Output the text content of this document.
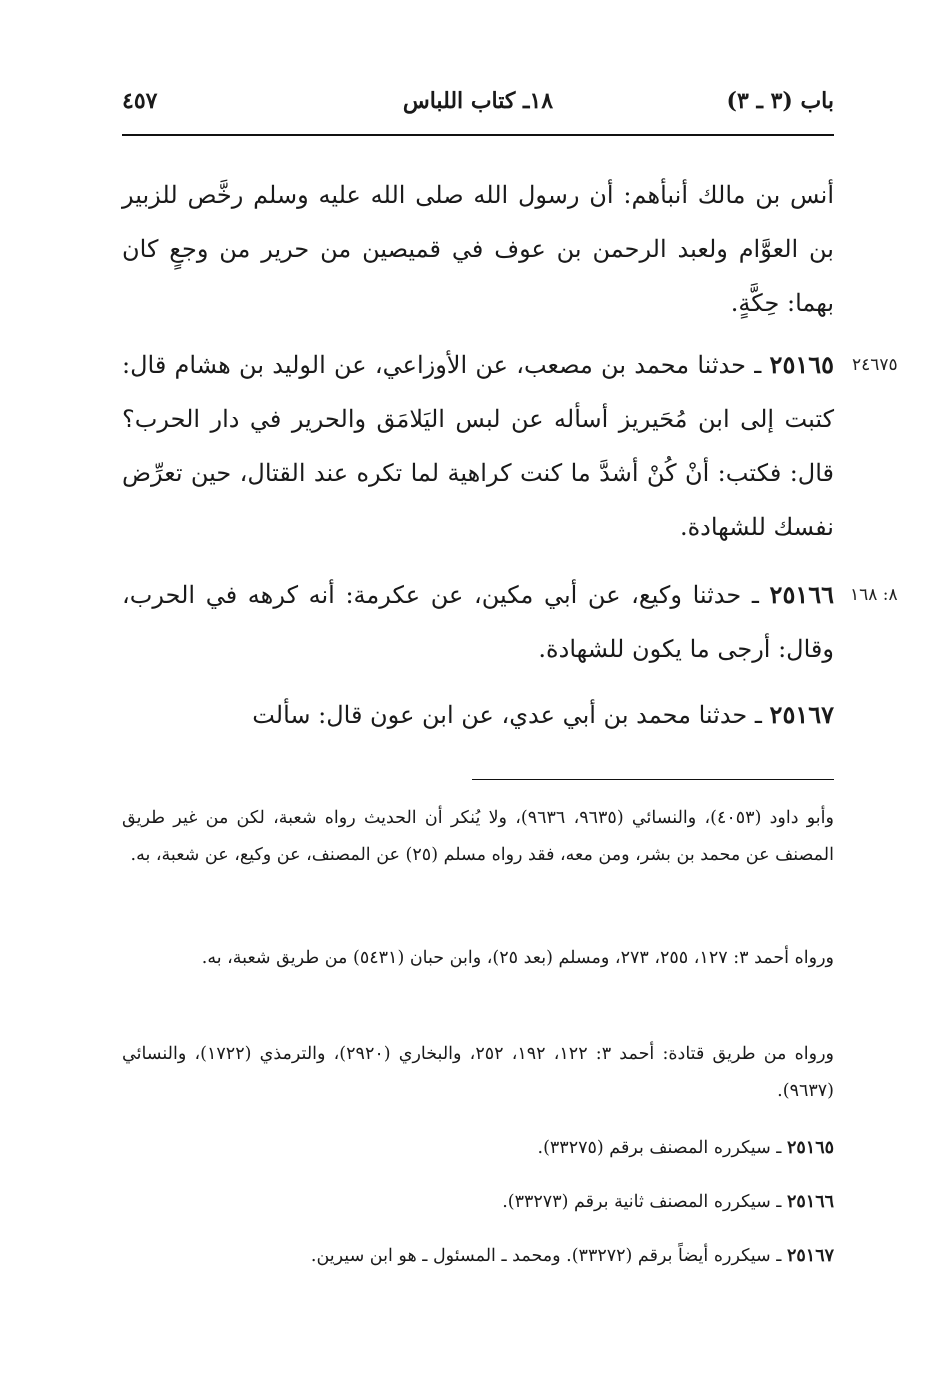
باب (٣ ـ ٣)
١٨ـ كتاب اللباس
٤٥٧
أنس بن مالك أنبأهم: أن رسول الله صلى الله عليه وسلم رخَّص للزبير بن العوَّام ولعبد الرحمن بن عوف في قميصين من حرير من وجعٍ كان بهما: حِكَّةٍ.
٢٤٦٧٥
٢٥١٦٥ ـ حدثنا محمد بن مصعب، عن الأوزاعي، عن الوليد بن هشام قال: كتبت إلى ابن مُحَيريز أسأله عن لبس اليَلامَق والحرير في دار الحرب؟ قال: فكتب: أنْ كُنْ أشدَّ ما كنت كراهية لما تكره عند القتال، حين تعرِّض نفسك للشهادة.
٨: ١٦٨
٢٥١٦٦ ـ حدثنا وكيع، عن أبي مكين، عن عكرمة: أنه كرهه في الحرب، وقال: أرجى ما يكون للشهادة.
٢٥١٦٧ ـ حدثنا محمد بن أبي عدي، عن ابن عون قال: سألت
وأبو داود (٤٠٥٣)، والنسائي (٩٦٣٥، ٩٦٣٦)، ولا يُنكر أن الحديث رواه شعبة، لكن من غير طريق المصنف عن محمد بن بشر، ومن معه، فقد رواه مسلم (٢٥) عن المصنف، عن وكيع، عن شعبة، به.
ورواه أحمد ٣: ١٢٧، ٢٥٥، ٢٧٣، ومسلم (بعد ٢٥)، وابن حبان (٥٤٣١) من طريق شعبة، به.
ورواه من طريق قتادة: أحمد ٣: ١٢٢، ١٩٢، ٢٥٢، والبخاري (٢٩٢٠)، والترمذي (١٧٢٢)، والنسائي (٩٦٣٧).
٢٥١٦٥ ـ سيكرره المصنف برقم (٣٣٢٧٥).
٢٥١٦٦ ـ سيكرره المصنف ثانية برقم (٣٣٢٧٣).
٢٥١٦٧ ـ سيكرره أيضاً برقم (٣٣٢٧٢). ومحمد ـ المسئول ـ هو ابن سيرين.
